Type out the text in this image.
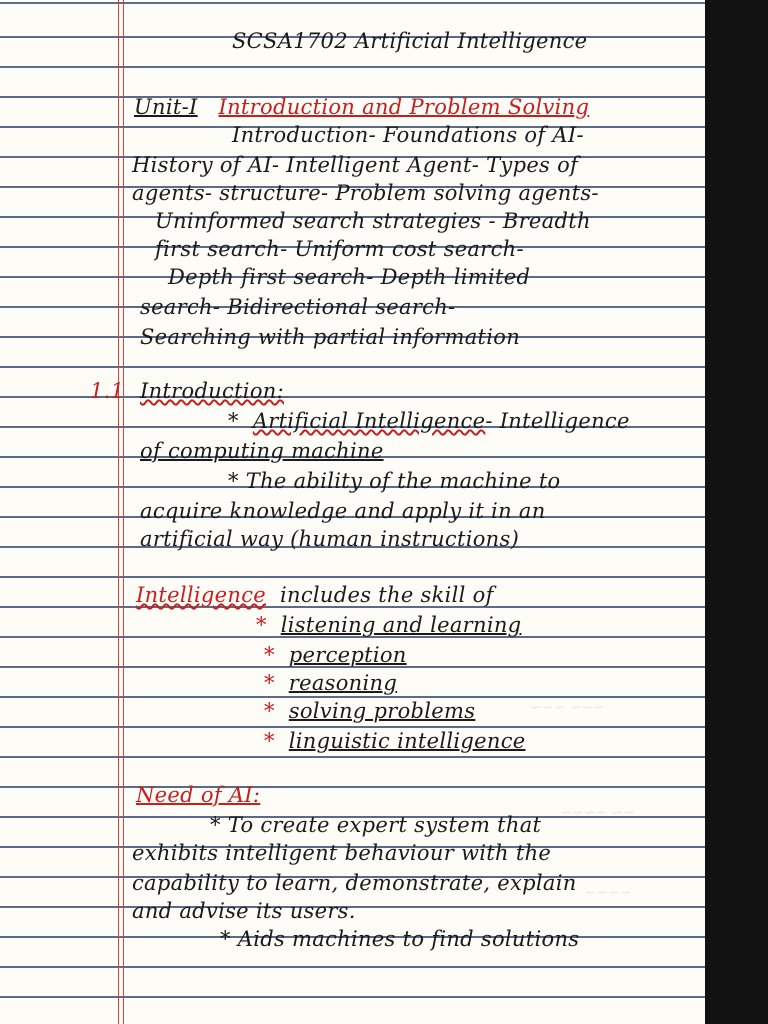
~~~ ~~~
~~ ~~~~
~~~~
SCSA1702 Artificial Intelligence
Unit-I Introduction and Problem Solving
Introduction- Foundations of AI-
History of AI- Intelligent Agent- Types of
agents- structure- Problem solving agents-
Uninformed search strategies - Breadth
first search- Uniform cost search-
Depth first search- Depth limited
search- Bidirectional search-
Searching with partial information
1.1 Introduction:
* Artificial Intelligence- Intelligence
of computing machine
* The ability of the machine to
acquire knowledge and apply it in an
artificial way (human instructions)
Intelligence includes the skill of
* listening and learning
* perception
* reasoning
* solving problems
* linguistic intelligence
Need of AI:
* To create expert system that
exhibits intelligent behaviour with the
capability to learn, demonstrate, explain
and advise its users.
* Aids machines to find solutions
